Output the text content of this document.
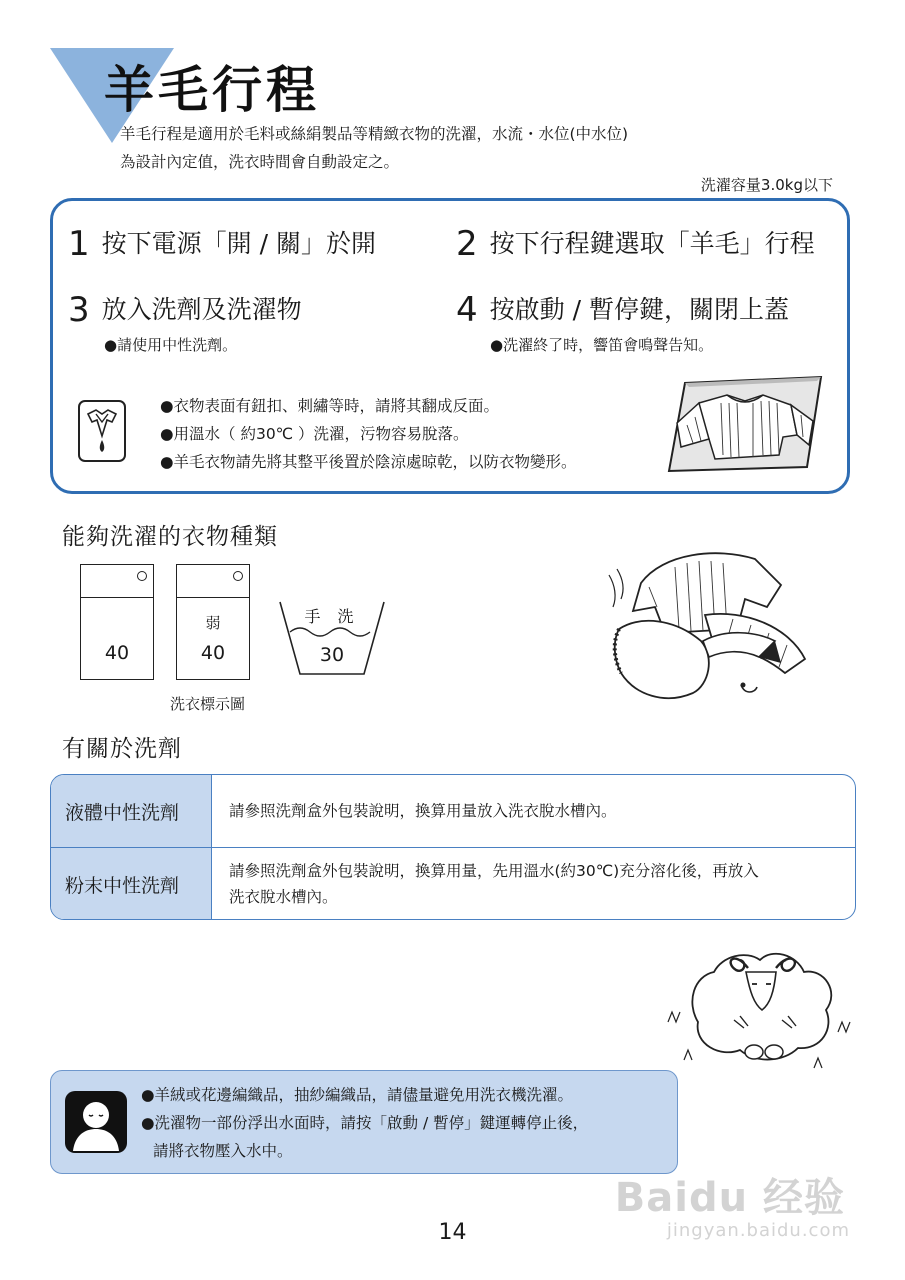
羊毛行程
羊毛行程是適用於毛料或絲絹製品等精緻衣物的洗濯，水流・水位(中水位)
為設計內定值，洗衣時間會自動設定之。
洗濯容量3.0kg以下
1 按下電源「開 / 關」於開 2 按下行程鍵選取「羊毛」行程
3 放入洗劑及洗濯物
●請使用中性洗劑。
4 按啟動 / 暫停鍵，關閉上蓋
●洗濯終了時，響笛會鳴聲告知。
●衣物表面有鈕扣、刺繡等時，請將其翻成反面。
●用溫水（ 約30℃ ）洗濯，污物容易脫落。
●羊毛衣物請先將其整平後置於陰涼處晾乾，以防衣物變形。
能夠洗濯的衣物種類
40
弱
40
手 洗
30
洗衣標示圖
有關於洗劑
液體中性洗劑	請參照洗劑盒外包裝說明，換算用量放入洗衣脫水槽內。
粉末中性洗劑
請參照洗劑盒外包裝說明，換算用量，先用溫水(約30℃)充分溶化後，再放入
洗衣脫水槽內。
●羊絨或花邊編織品，抽紗編織品，請儘量避免用洗衣機洗濯。
●洗濯物一部份浮出水面時，請按「啟動 / 暫停」鍵運轉停止後，
請將衣物壓入水中。
Baidu 经验
jingyan.baidu.com
14
